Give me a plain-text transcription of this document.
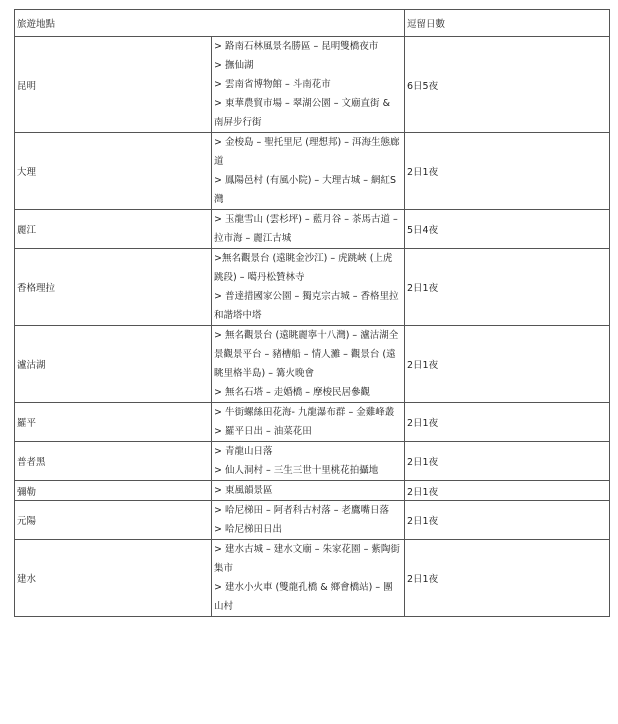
旅遊地點		逗留日數
昆明	> 路南石林風景名勝區 – 昆明雙橋夜市
> 撫仙湖
> 雲南省博物館 – 斗南花市
> 東華農貿市場 – 翠湖公園 – 文廟直街 & 南屏步行街	6日5夜
大理	> 金梭島 – 聖托里尼 (理想邦) – 洱海生態廊道
> 鳳陽邑村 (有風小院) – 大理古城 – 網紅S灣	2日1夜
麗江	> 玉龍雪山 (雲杉坪) – 藍月谷 – 茶馬古道 – 拉市海 – 麗江古城	5日4夜
香格理拉	>無名觀景台 (遠眺金沙江) – 虎跳峽 (上虎跳段) – 噶丹松贊林寺
> 普達措國家公園 – 獨克宗古城 – 香格里拉和諧塔中塔	2日1夜
瀘沽湖	> 無名觀景台 (遠眺麗寧十八灣) – 瀘沽湖全景觀景平台 – 豬槽船 – 情人灘 – 觀景台 (遠眺里格半島) – 篝火晚會
> 無名石塔 – 走婚橋 – 摩梭民居參觀	2日1夜
羅平	> 牛街螺絲田花海- 九龍瀑布群 – 金雞峰叢
> 羅平日出 – 油菜花田	2日1夜
普者黑	> 青龍山日落
> 仙人洞村 – 三生三世十里桃花拍攝地	2日1夜
彌勒	> 東風韻景區	2日1夜
元陽	> 哈尼梯田 – 阿者科古村落 – 老鷹嘴日落
> 哈尼梯田日出	2日1夜
建水	> 建水古城 – 建水文廟 – 朱家花園 – 紫陶街集市
> 建水小火車 (雙龍孔橋 & 鄉會橋站) – 團山村	2日1夜
